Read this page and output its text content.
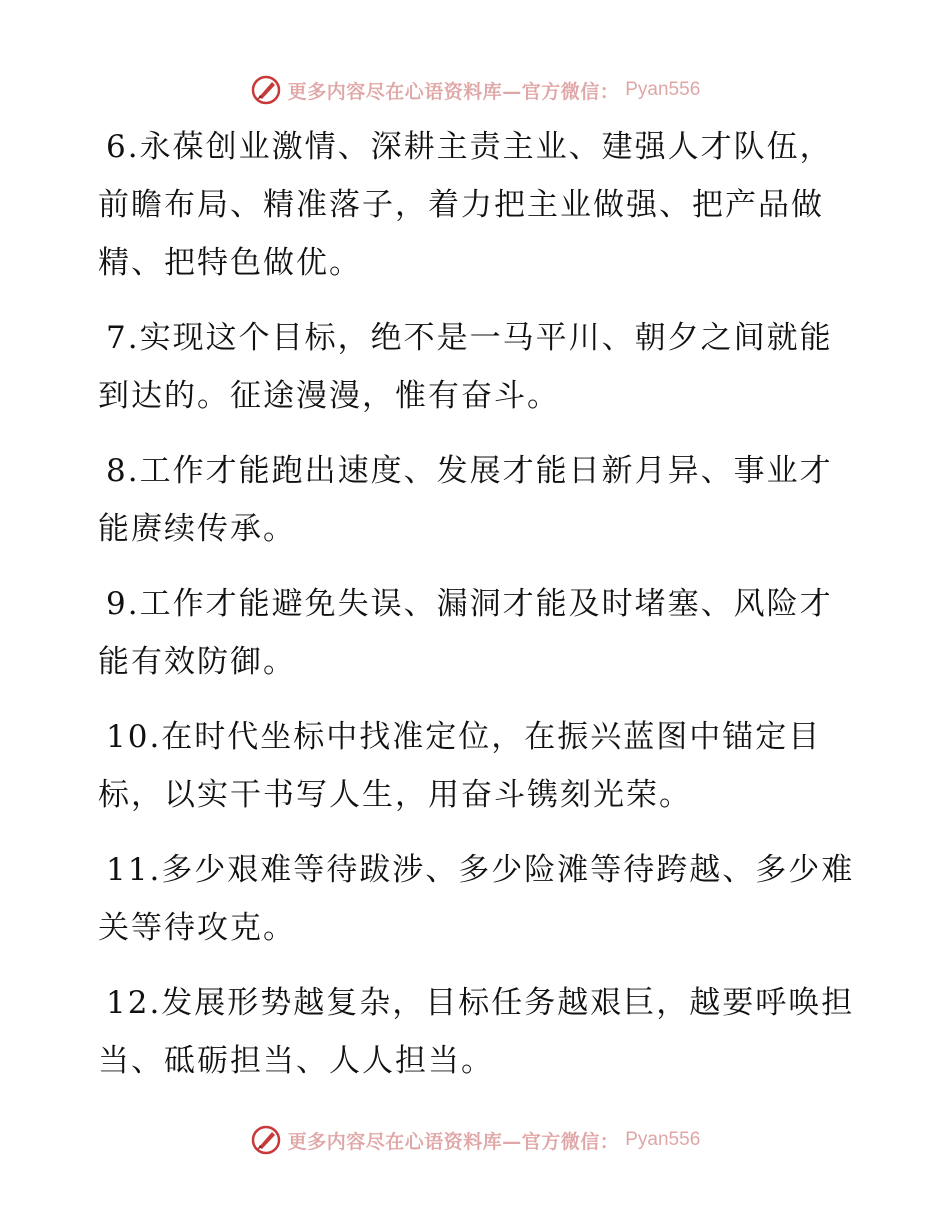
更多内容尽在心语资料库—官方微信： Pyan556

6.永葆创业激情、深耕主责主业、建强人才队伍，前瞻布局、精准落子，着力把主业做强、把产品做精、把特色做优。

7.实现这个目标，绝不是一马平川、朝夕之间就能到达的。征途漫漫，惟有奋斗。

8.工作才能跑出速度、发展才能日新月异、事业才能赓续传承。

9.工作才能避免失误、漏洞才能及时堵塞、风险才能有效防御。

10.在时代坐标中找准定位，在振兴蓝图中锚定目标，以实干书写人生，用奋斗镌刻光荣。

11.多少艰难等待跋涉、多少险滩等待跨越、多少难关等待攻克。

12.发展形势越复杂，目标任务越艰巨，越要呼唤担当、砥砺担当、人人担当。

更多内容尽在心语资料库—官方微信： Pyan556
